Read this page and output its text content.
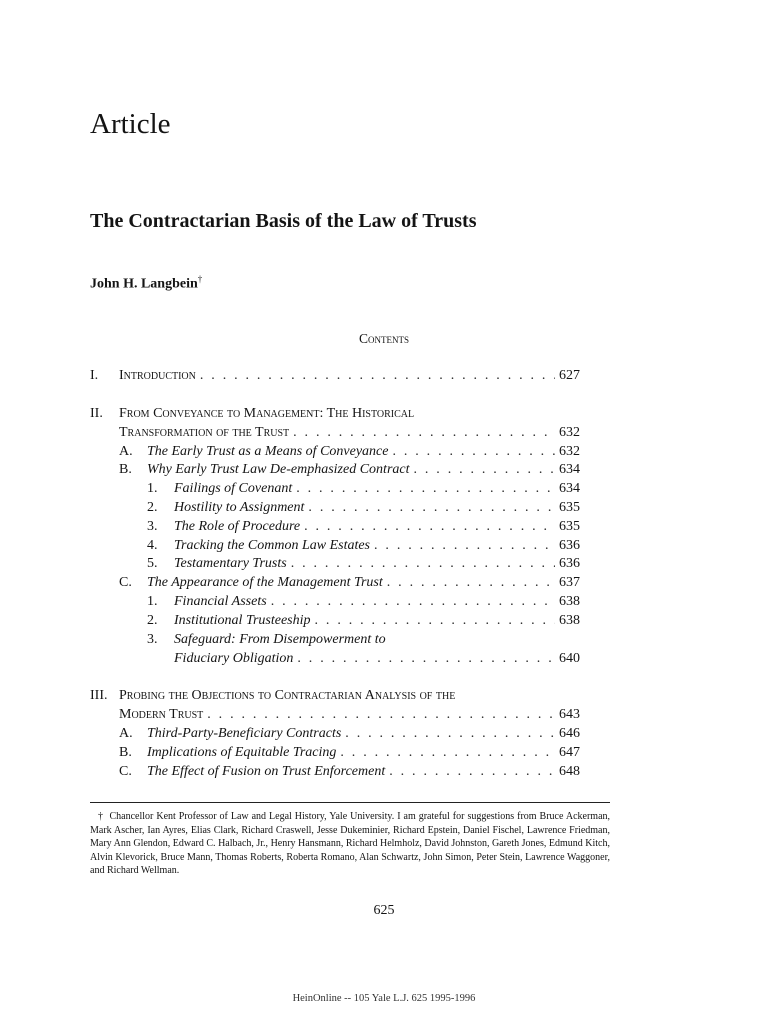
Article
The Contractarian Basis of the Law of Trusts
John H. Langbein†
Contents
I.	Introduction . . .	627
II.	From Conveyance to Management: The Historical
Transformation of the Trust . . .	632
A.	The Early Trust as a Means of Conveyance . . .	632
B.	Why Early Trust Law De-emphasized Contract . . .	634
1.	Failings of Covenant . . .	634
2.	Hostility to Assignment . . .	635
3.	The Role of Procedure . . .	635
4.	Tracking the Common Law Estates . . .	636
5.	Testamentary Trusts . . .	636
C.	The Appearance of the Management Trust . . .	637
1.	Financial Assets . . .	638
2.	Institutional Trusteeship . . .	638
3.	Safeguard: From Disempowerment to
Fiduciary Obligation . . .	640
III. Probing the Objections to Contractarian Analysis of the
Modern Trust . . .	643
A.	Third-Party-Beneficiary Contracts . . .	646
B.	Implications of Equitable Tracing . . .	647
C.	The Effect of Fusion on Trust Enforcement . . .	648
† Chancellor Kent Professor of Law and Legal History, Yale University. I am grateful for suggestions from Bruce Ackerman, Mark Ascher, Ian Ayres, Elias Clark, Richard Craswell, Jesse Dukeminier, Richard Epstein, Daniel Fischel, Lawrence Friedman, Mary Ann Glendon, Edward C. Halbach, Jr., Henry Hansmann, Richard Helmholz, David Johnston, Gareth Jones, Edmund Kitch, Alvin Klevorick, Bruce Mann, Thomas Roberts, Roberta Romano, Alan Schwartz, John Simon, Peter Stein, Lawrence Waggoner, and Richard Wellman.
625
HeinOnline -- 105 Yale L.J. 625 1995-1996
